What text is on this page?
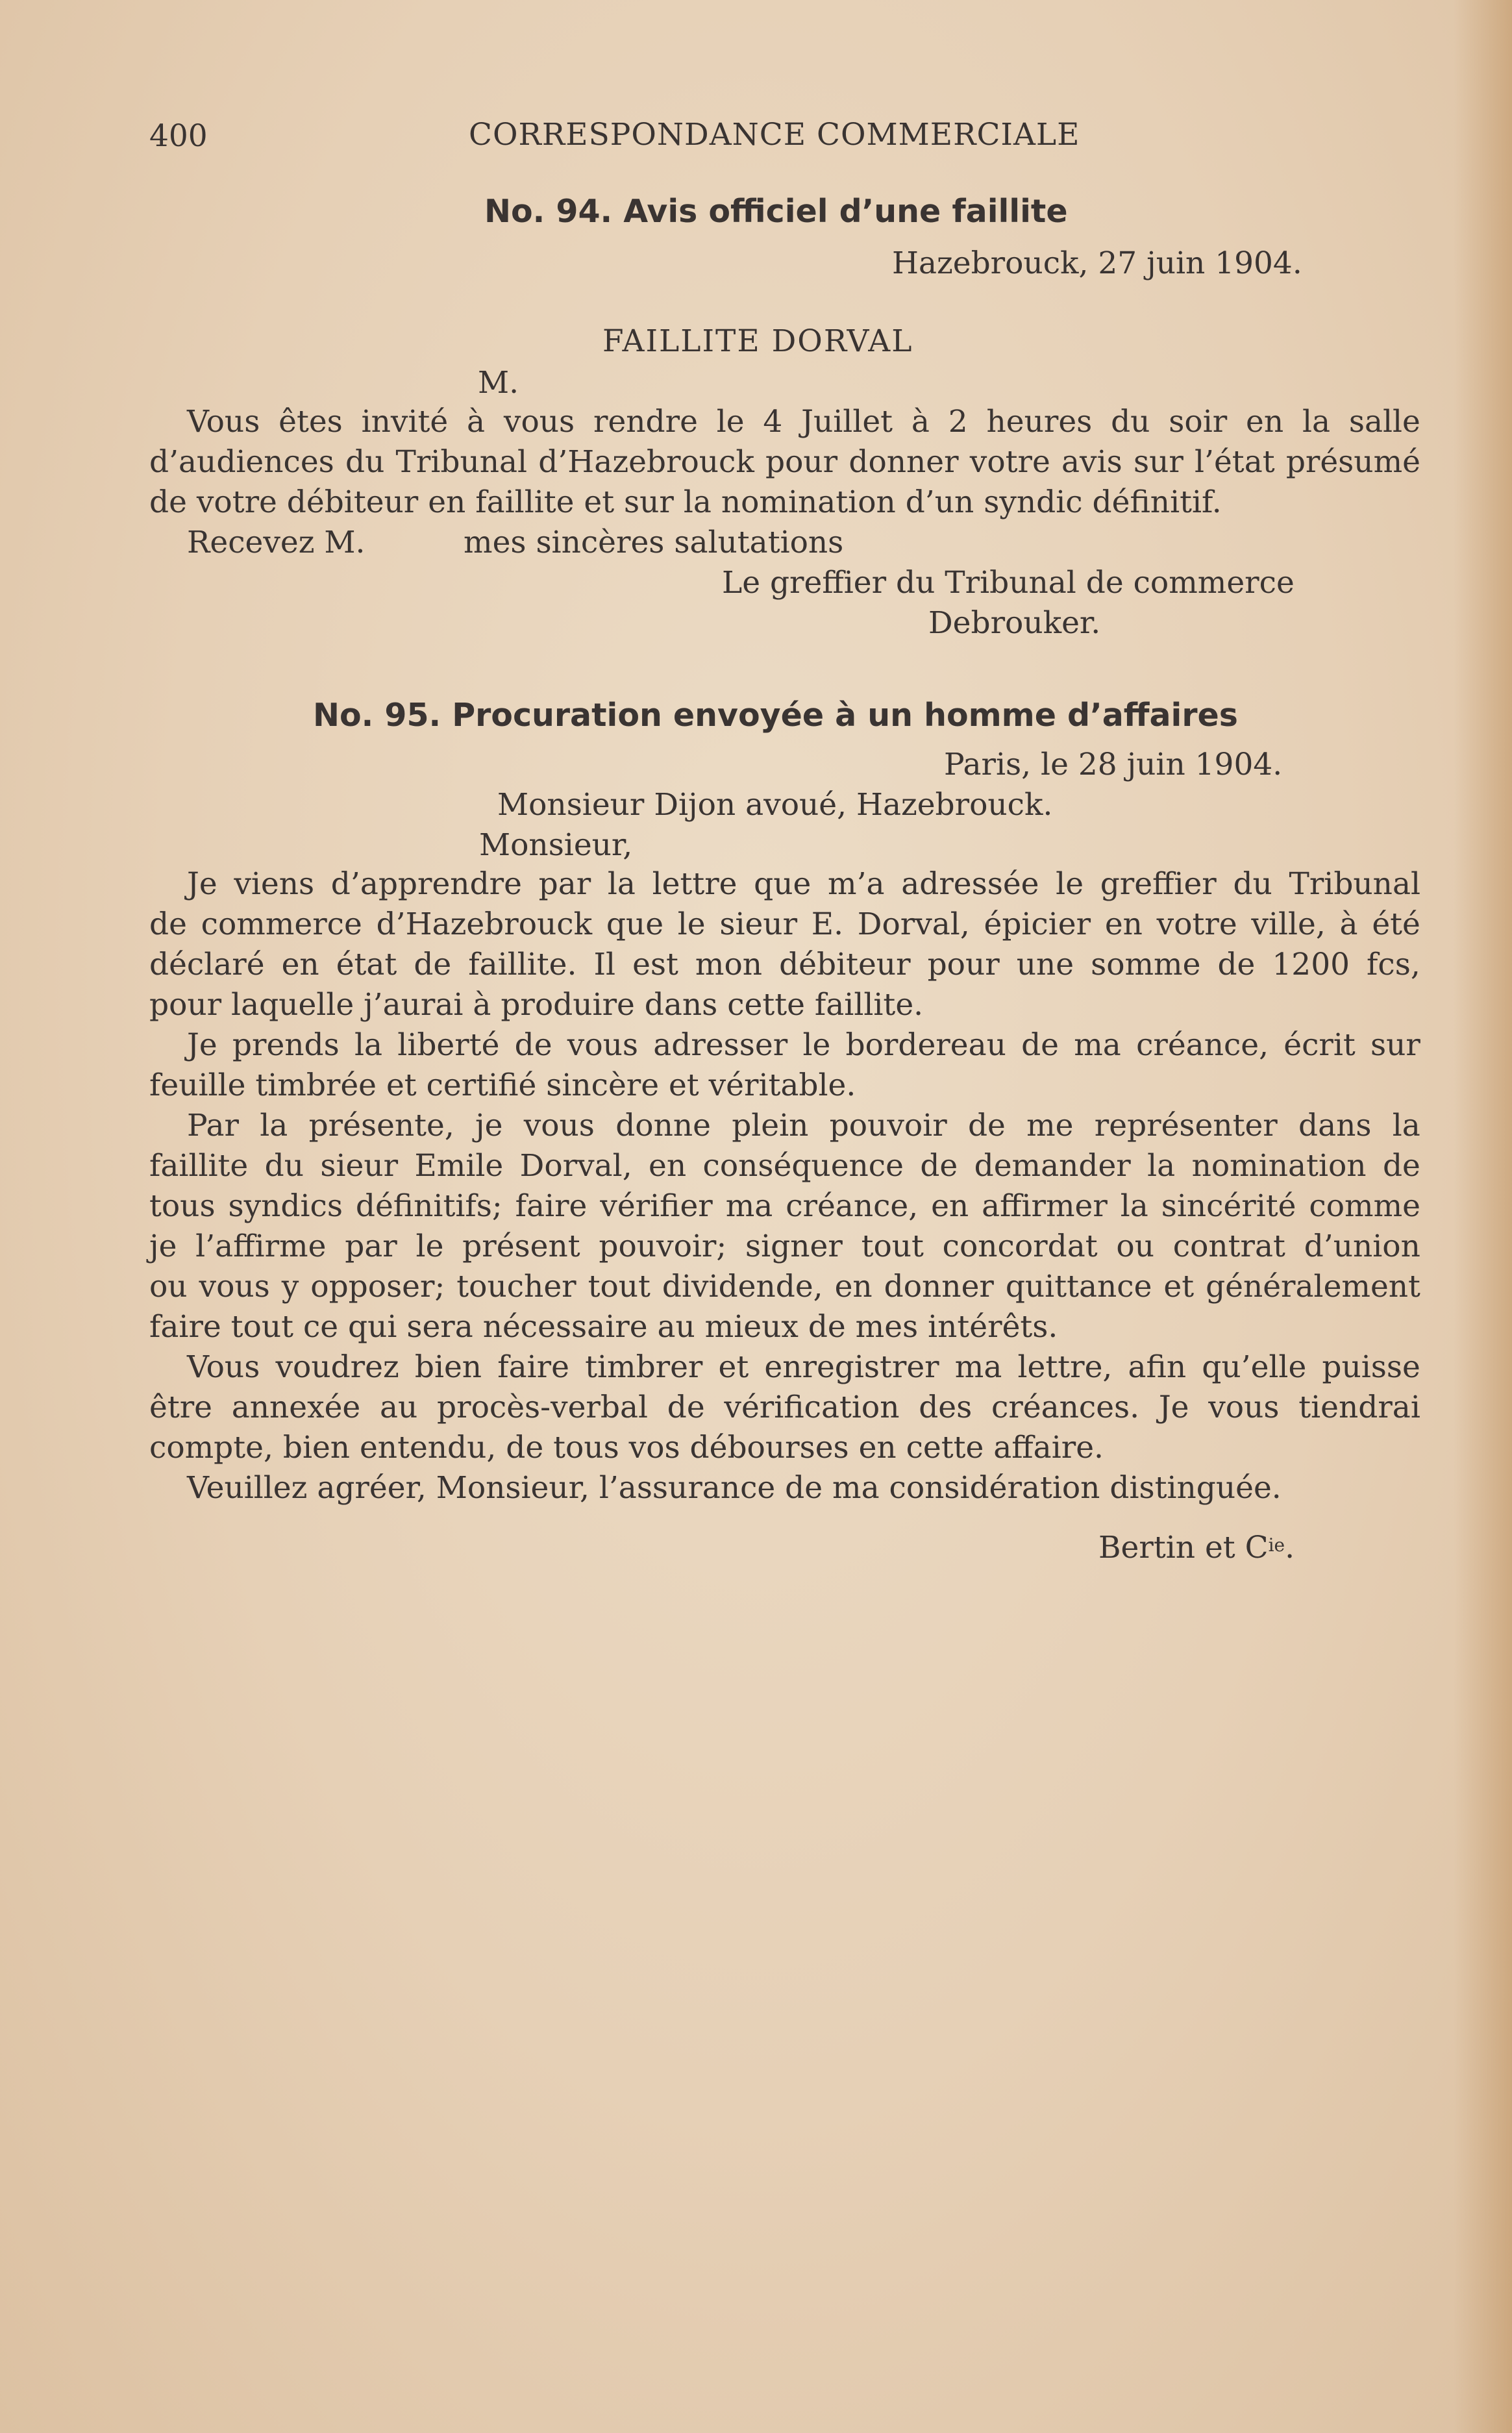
400	CORRESPONDANCE COMMERCIALE
No. 94. Avis officiel d’une faillite
Hazebrouck, 27 juin 1904.
FAILLITE DORVAL
M.
Vous êtes invité à vous rendre le 4 Juillet à 2 heures du soir en la salle
d’audiences du Tribunal d’Hazebrouck pour donner votre avis sur l’état présumé
de votre débiteur en faillite et sur la nomination d’un syndic définitif.
Recevez M.	mes sincères salutations
Le greffier du Tribunal de commerce
Debrouker.
No. 95. Procuration envoyée à un homme d’affaires
Paris, le 28 juin 1904.
Monsieur Dijon avoué, Hazebrouck.
Monsieur,
Je viens d’apprendre par la lettre que m’a adressée le greffier du Tribunal
de commerce d’Hazebrouck que le sieur E. Dorval, épicier en votre ville, à été
déclaré en état de faillite. Il est mon débiteur pour une somme de 1200 fcs,
pour laquelle j’aurai à produire dans cette faillite.
Je prends la liberté de vous adresser le bordereau de ma créance, écrit sur
feuille timbrée et certifié sincère et véritable.
Par la présente, je vous donne plein pouvoir de me représenter dans la
faillite du sieur Emile Dorval, en conséquence de demander la nomination de
tous syndics définitifs; faire vérifier ma créance, en affirmer la sincérité comme
je l’affirme par le présent pouvoir; signer tout concordat ou contrat d’union
ou vous y opposer; toucher tout dividende, en donner quittance et généralement
faire tout ce qui sera nécessaire au mieux de mes intérêts.
Vous voudrez bien faire timbrer et enregistrer ma lettre, afin qu’elle puisse
être annexée au procès-verbal de vérification des créances. Je vous tiendrai
compte, bien entendu, de tous vos débourses en cette affaire.
Veuillez agréer, Monsieur, l’assurance de ma considération distinguée.
Bertin et $C^{ie}$.
